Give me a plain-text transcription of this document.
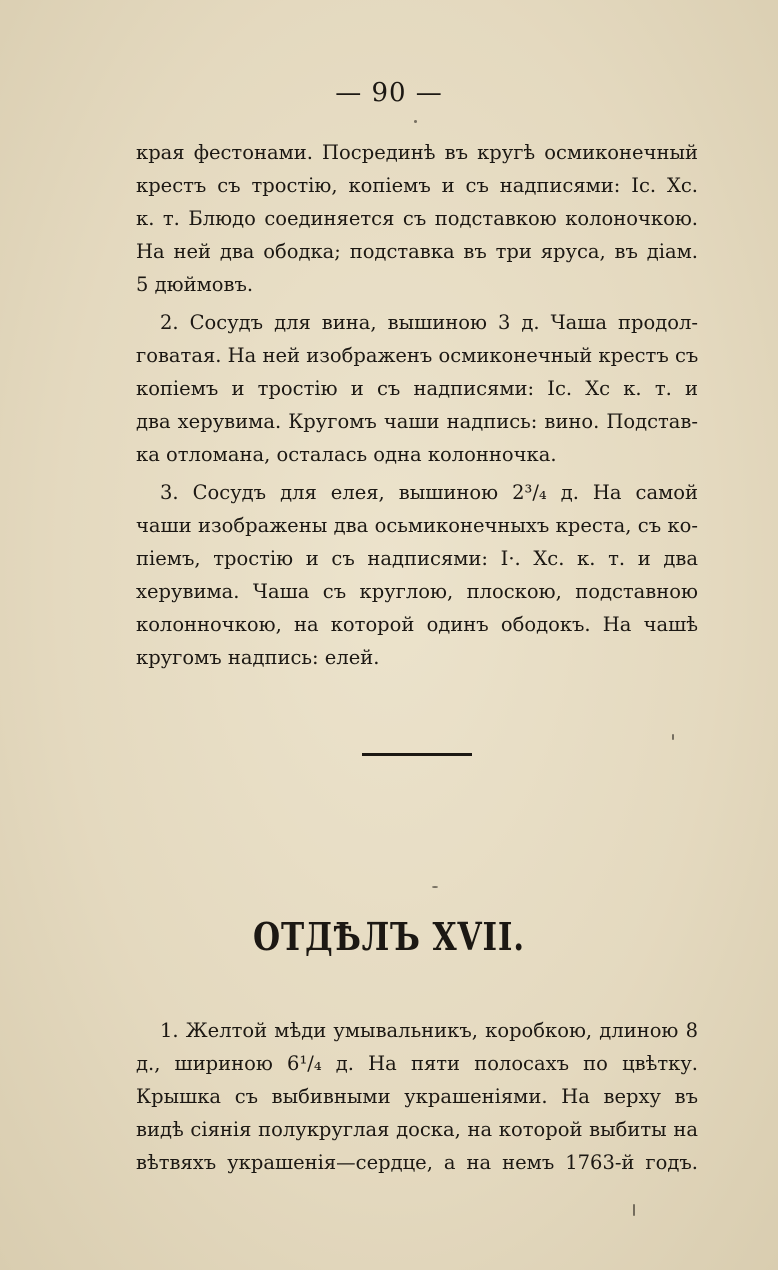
— 90 —
края фестонами. Посрединѣ въ кругѣ осмиконечный
крестъ съ тростію, копіемъ и съ надписями: Іс. Хс.
к. т. Блюдо соединяется съ подставкою колоночкою.
На ней два ободка; подставка въ три яруса, въ діам.
5 дюймовъ.
2. Сосудъ для вина, вышиною 3 д. Чаша продол-
говатая. На ней изображенъ осмиконечный крестъ съ
копіемъ и тростію и съ надписями: Іс. Хс к. т. и
два херувима. Кругомъ чаши надпись: вино. Подстав-
ка отломана, осталась одна колонночка.
3. Сосудъ для елея, вышиною 2³/₄ д. На самой
чаши изображены два осьмиконечныхъ креста, съ ко-
піемъ, тростію и съ надписями: І·. Хс. к. т. и два
херувима. Чаша съ круглою, плоскою, подставною
колонночкою, на которой одинъ ободокъ. На чашѣ
кругомъ надпись: елей.
ОТДѢЛЪ XVII.
1. Желтой мѣди умывальникъ, коробкою, длиною 8
д., шириною 6¹/₄ д. На пяти полосахъ по цвѣтку.
Крышка съ выбивными украшеніями. На верху въ
видѣ сіянія полукруглая доска, на которой выбиты на
вѣтвяхъ украшенія—сердце, а на немъ 1763-й годъ.
